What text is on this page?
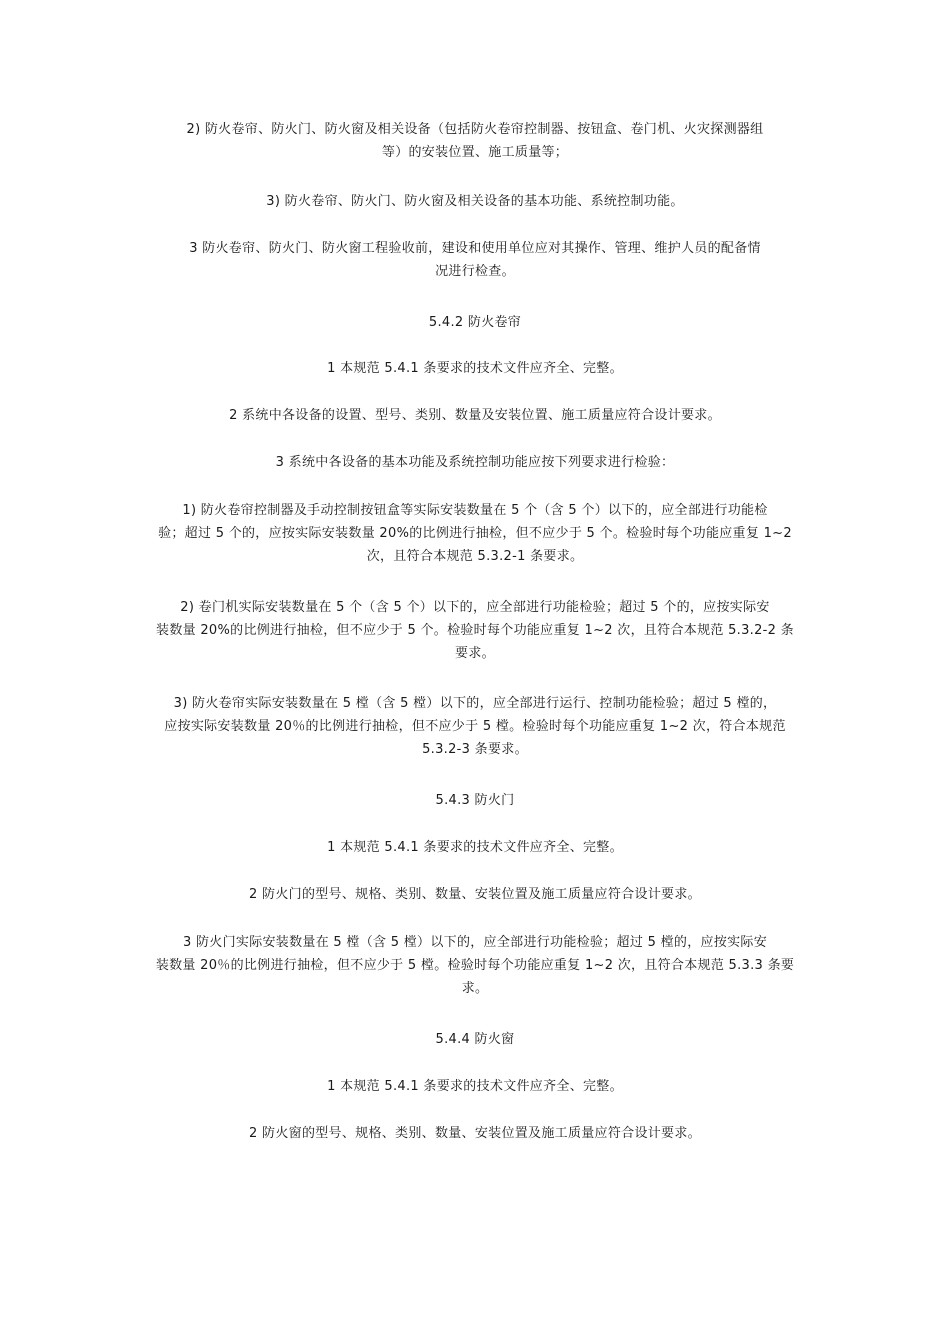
2) 防火卷帘、防火门、防火窗及相关设备（包括防火卷帘控制器、按钮盒、卷门机、火灾探测器组
等）的安装位置、施工质量等；
3) 防火卷帘、防火门、防火窗及相关设备的基本功能、系统控制功能。
3 防火卷帘、防火门、防火窗工程验收前，建设和使用单位应对其操作、管理、维护人员的配备情
况进行检查。
5.4.2 防火卷帘
1 本规范 5.4.1 条要求的技术文件应齐全、完整。
2 系统中各设备的设置、型号、类别、数量及安装位置、施工质量应符合设计要求。
3 系统中各设备的基本功能及系统控制功能应按下列要求进行检验：
1) 防火卷帘控制器及手动控制按钮盒等实际安装数量在 5 个（含 5 个）以下的，应全部进行功能检
验；超过 5 个的，应按实际安装数量 20%的比例进行抽检，但不应少于 5 个。检验时每个功能应重复 1~2
次，且符合本规范 5.3.2-1 条要求。
2) 卷门机实际安装数量在 5 个（含 5 个）以下的，应全部进行功能检验；超过 5 个的，应按实际安
装数量 20%的比例进行抽检，但不应少于 5 个。检验时每个功能应重复 1~2 次，且符合本规范 5.3.2-2 条
要求。
3) 防火卷帘实际安装数量在 5 樘（含 5 樘）以下的，应全部进行运行、控制功能检验；超过 5 樘的，
应按实际安装数量 20％的比例进行抽检，但不应少于 5 樘。检验时每个功能应重复 1~2 次，符合本规范
5.3.2-3 条要求。
5.4.3 防火门
1 本规范 5.4.1 条要求的技术文件应齐全、完整。
2 防火门的型号、规格、类别、数量、安装位置及施工质量应符合设计要求。
3 防火门实际安装数量在 5 樘（含 5 樘）以下的，应全部进行功能检验；超过 5 樘的，应按实际安
装数量 20％的比例进行抽检，但不应少于 5 樘。检验时每个功能应重复 1~2 次，且符合本规范 5.3.3 条要
求。
5.4.4 防火窗
1 本规范 5.4.1 条要求的技术文件应齐全、完整。
2 防火窗的型号、规格、类别、数量、安装位置及施工质量应符合设计要求。
